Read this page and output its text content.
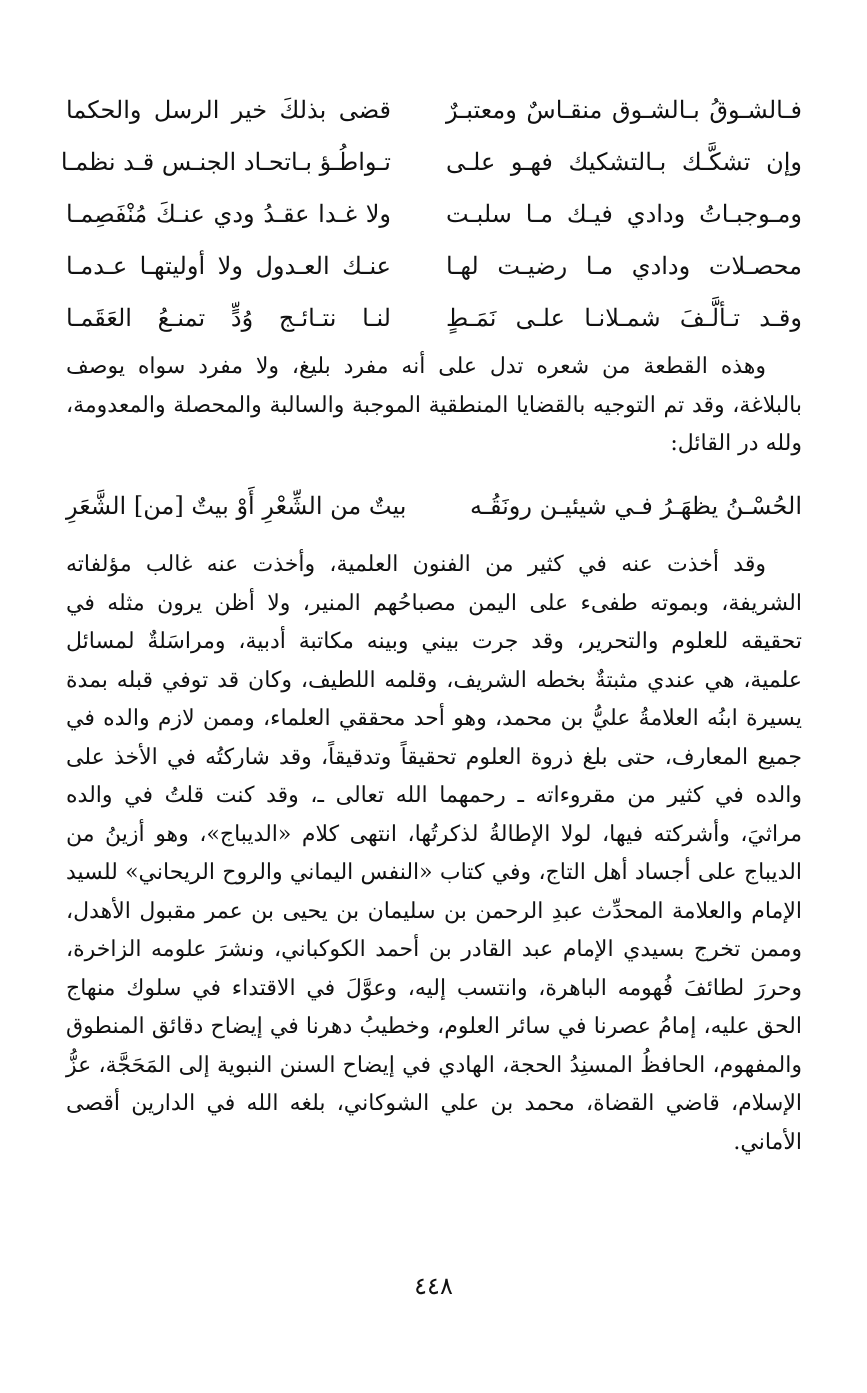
فـالشـوقُ بـالشـوق منقـاسٌ ومعتبـرٌ
قضى بذلكَ خير الرسل والحكما
وإن تشكَّـك بـالتشكيك فهـو علـى
تـواطُـؤ بـاتحـاد الجنـس قـد نظمـا
ومـوجبـاتُ ودادي فيـك مـا سلبـت
ولا غـدا عقـدُ ودي عنـكَ مُنْفَصِمـا
محصـلات ودادي مـا رضيـت لهـا
عنـك العـدول ولا أوليتهـا عـدمـا
وقـد تـألَّـفَ شمـلانـا علـى نَمَـطٍ
لنـا نتـائـج وُدٍّ تمنـعُ العَقَمـا

وهذه القطعة من شعره تدل على أنه مفرد بليغ، ولا مفرد سواه يوصف بالبلاغة، وقد تم التوجيه بالقضايا المنطقية الموجبة والسالبة والمحصلة والمعدومة، ولله در القائل:

الحُسْـنُ يظهَـرُ فـي شيئيـن رونَقُـه
بيتٌ من الشِّعْرِ أَوْ بيتٌ [من] الشَّعَرِ

وقد أخذت عنه في كثير من الفنون العلمية، وأخذت عنه غالب مؤلفاته الشريفة، وبموته طفىء على اليمن مصباحُهم المنير، ولا أظن يرون مثله في تحقيقه للعلوم والتحرير، وقد جرت بيني وبينه مكاتبة أدبية، ومراسَلةٌ لمسائل علمية، هي عندي مثبتةٌ بخطه الشريف، وقلمه اللطيف، وكان قد توفي قبله بمدة يسيرة ابنُه العلامةُ عليُّ بن محمد، وهو أحد محققي العلماء، وممن لازم والده في جميع المعارف، حتى بلغ ذروة العلوم تحقيقاً وتدقيقاً، وقد شاركتُه في الأخذ على والده في كثير من مقروءاته ـ رحمهما الله تعالى ـ، وقد كنت قلتُ في والده مراثيَ، وأشركته فيها، لولا الإطالةُ لذكرتُها، انتهى كلام «الديباج»، وهو أزينُ من الديباج على أجساد أهل التاج، وفي كتاب «النفس اليماني والروح الريحاني» للسيد الإمام والعلامة المحدِّث عبدِ الرحمن بن سليمان بن يحيى بن عمر مقبول الأهدل، وممن تخرج بسيدي الإمام عبد القادر بن أحمد الكوكباني، ونشرَ علومه الزاخرة، وحررَ لطائفَ فُهومه الباهرة، وانتسب إليه، وعوَّلَ في الاقتداء في سلوك منهاج الحق عليه، إمامُ عصرنا في سائر العلوم، وخطيبُ دهرنا في إيضاح دقائق المنطوق والمفهوم، الحافظُ المسنِدُ الحجة، الهادي في إيضاح السنن النبوية إلى المَحَجَّة، عزُّ الإسلام، قاضي القضاة، محمد بن علي الشوكاني، بلغه الله في الدارين أقصى الأماني.

٤٤٨
